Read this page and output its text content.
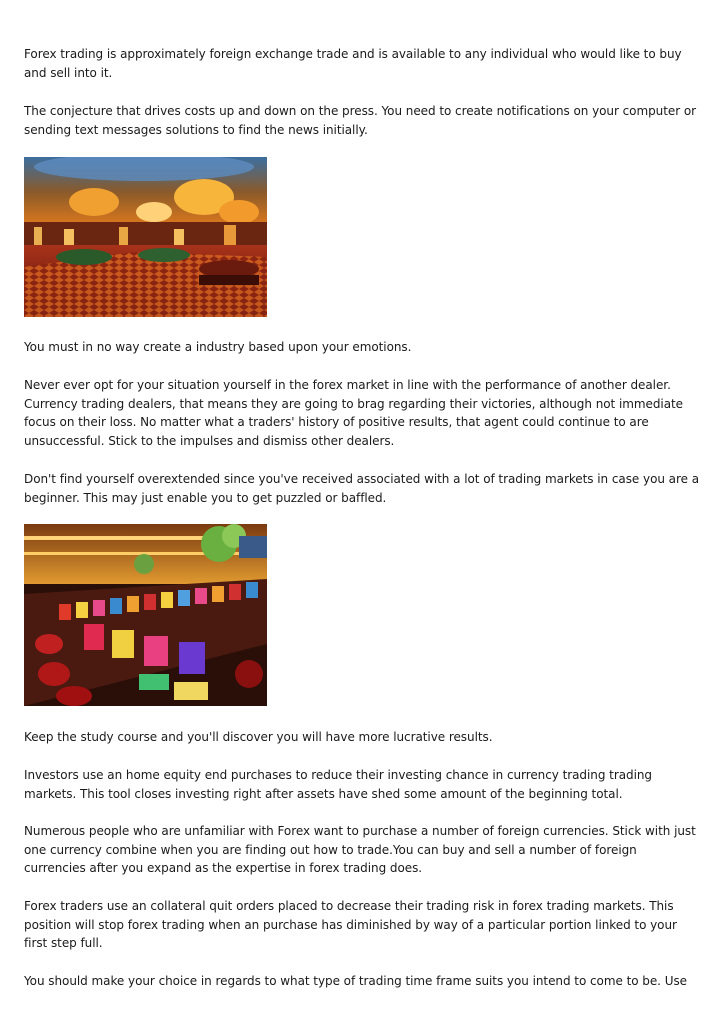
Forex trading is approximately foreign exchange trade and is available to any individual who would like to buy and sell into it.

The conjecture that drives costs up and down on the press. You need to create notifications on your computer or sending text messages solutions to find the news initially.

You must in no way create a industry based upon your emotions.

Never ever opt for your situation yourself in the forex market in line with the performance of another dealer. Currency trading dealers, that means they are going to brag regarding their victories, although not immediate focus on their loss. No matter what a traders' history of positive results, that agent could continue to are unsuccessful. Stick to the impulses and dismiss other dealers.

Don't find yourself overextended since you've received associated with a lot of trading markets in case you are a beginner. This may just enable you to get puzzled or baffled.

Keep the study course and you'll discover you will have more lucrative results.

Investors use an home equity end purchases to reduce their investing chance in currency trading trading markets. This tool closes investing right after assets have shed some amount of the beginning total.

Numerous people who are unfamiliar with Forex want to purchase a number of foreign currencies. Stick with just one currency combine when you are finding out how to trade.You can buy and sell a number of foreign currencies after you expand as the expertise in forex trading does.

Forex traders use an collateral quit orders placed to decrease their trading risk in forex trading markets. This position will stop forex trading when an purchase has diminished by way of a particular portion linked to your first step full.

You should make your choice in regards to what type of trading time frame suits you intend to come to be. Use
